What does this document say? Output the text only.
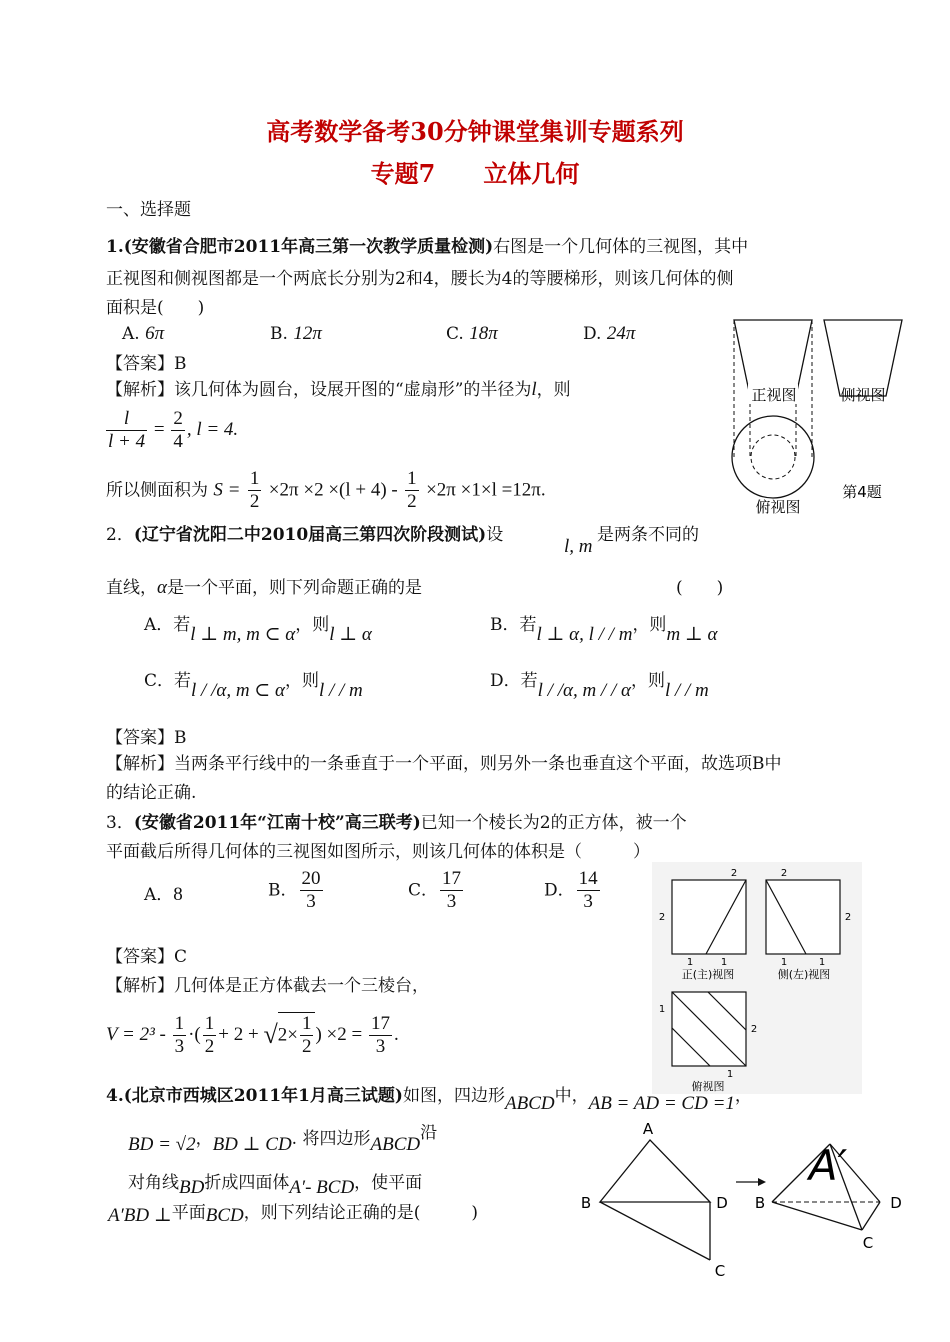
高考数学备考30分钟课堂集训专题系列
专题7　　立体几何
一、选择题
1.(安徽省合肥市2011年高三第一次教学质量检测)右图是一个几何体的三视图，其中
正视图和侧视图都是一个两底长分别为2和4，腰长为4的等腰梯形，则该几何体的侧
面积是(　　)
A. 6π	B. 12π	C. 18π	D. 24π
【答案】B
【解析】该几何体为圆台，设展开图的“虚扇形”的半径为l，则
$\frac{l}{l + 4} = \frac{2}{4}$ , l = 4.
所以侧面积为 $S = \frac{1}{2} \times 2\pi \times 2 \times(l + 4) - \frac{1}{2} \times 2\pi \times 1\times l =12\pi$.
正视图	侧视图
俯视图
第4题
2．(辽宁省沈阳二中2010届高三第四次阶段测试)设
l, m
是两条不同的
直线，α是一个平面，则下列命题正确的是	(　　)
A．若l ⊥ m, m ⊂ α，则l ⊥ α	B．若l ⊥ α, l / / m，则m ⊥ α
C．若l / /α, m ⊂ α，则l / / m	D．若l / /α, m / / α，则l / / m
【答案】B
【解析】当两条平行线中的一条垂直于一个平面，则另外一条也垂直这个平面，故选项B中
的结论正确.
3．(安徽省2011年“江南十校”高三联考)已知一个棱长为2的正方体，被一个
平面截后所得几何体的三视图如图所示，则该几何体的体积是（　　　）
A．8	B． $\frac{20}{3}$	C． $\frac{17}{3}$	D． $\frac{14}{3}$
【答案】C
【解析】几何体是正方体截去一个三棱台，
$V = 2^3 - \frac{1}{3}$ ·( $\frac{1}{2} + 2 + √2\times \frac{1}{2}$ ) $\times 2 = \frac{17}{3}$ .
2
2
1	1
正(主)视图
2
2
1	1
侧(左)视图
1
2
1
俯视图
4.(北京市西城区2011年1月高三试题)如图，四边形ABCD中，AB = AD = CD =1，
BD = √2，BD ⊥ CD. 将四边形ABCD沿
对角线BD折成四面体A′- BCD，使平面
A′BD ⊥平面BCD，则下列结论正确的是(　　　)
A
B	D
C
A′
B	D
C
